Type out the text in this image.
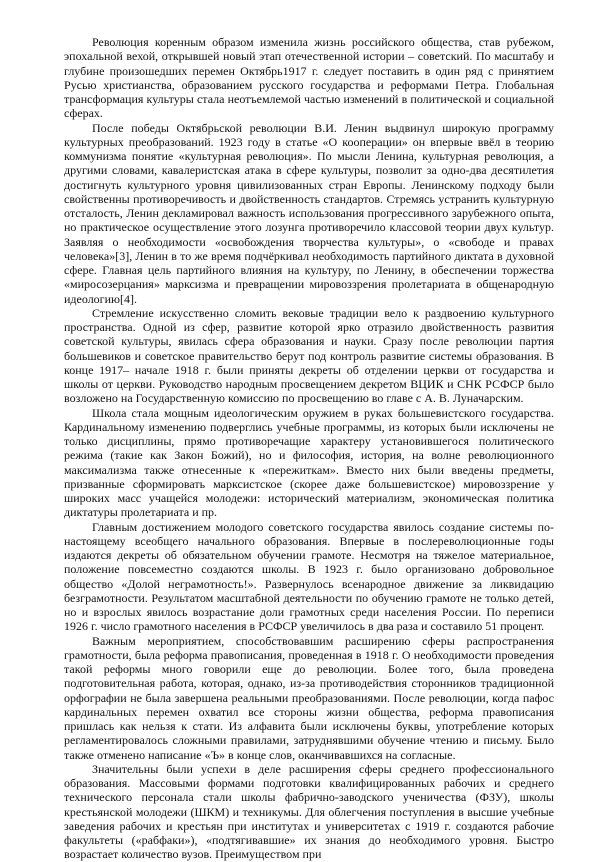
Революция коренным образом изменила жизнь российского общества, став рубежом, эпохальной вехой, открывшей новый этап отечественной истории – советский. По масштабу и глубине произошедших перемен Октябрь1917 г. следует поставить в один ряд с принятием Русью христианства, образованием русского государства и реформами Петра. Глобальная трансформация культуры стала неотъемлемой частью изменений в политической и социальной сферах.

После победы Октябрьской революции В.И. Ленин выдвинул широкую программу культурных преобразований. 1923 году в статье «О кооперации» он впервые ввёл в теорию коммунизма понятие «культурная революция». По мысли Ленина, культурная революция, а другими словами, кавалеристская атака в сфере культуры, позволит за одно-два десятилетия достигнуть культурного уровня цивилизованных стран Европы. Ленинскому подходу были свойственны противоречивость и двойственность стандартов. Стремясь устранить культурную отсталость, Ленин декламировал важность использования прогрессивного зарубежного опыта, но практическое осуществление этого лозунга противоречило классовой теории двух культур. Заявляя о необходимости «освобождения творчества культуры», о «свободе и правах человека»[3], Ленин в то же время подчёркивал необходимость партийного диктата в духовной сфере. Главная цель партийного влияния на культуру, по Ленину, в обеспечении торжества «миросозерцания» марксизма и превращении мировоззрения пролетариата в общенародную идеологию[4].

Стремление искусственно сломить вековые традиции вело к раздвоению культурного пространства. Одной из сфер, развитие которой ярко отразило двойственность развития советской культуры, явилась сфера образования и науки. Сразу после революции партия большевиков и советское правительство берут под контроль развитие системы образования. В конце 1917– начале 1918 г. были приняты декреты об отделении церкви от государства и школы от церкви. Руководство народным просвещением декретом ВЦИК и СНК РСФСР было возложено на Государственную комисcию по просвещению во главе с А. В. Луначарским.

Школа стала мощным идеологическим оружием в руках большевистского государства. Кардинальному изменению подверглись учебные программы, из которых были исключены не только дисциплины, прямо противоречащие характеру установившегося политического режима (такие как Закон Божий), но и философия, история, на волне революционного максимализма также отнесенные к «пережиткам». Вместо них были введены предметы, призванные сформировать марксистское (скорее даже большевистское) мировоззрение у широких масс учащейся молодежи: исторический материализм, экономическая политика диктатуры пролетариата и пр.

Главным достижением молодого советского государства явилось создание системы по-настоящему всеобщего начального образования. Впервые в послереволюционные годы издаются декреты об обязательном обучении грамоте. Несмотря на тяжелое материальное, положение повсеместно создаются школы. В 1923 г. было организовано добровольное общество «Долой неграмотность!». Развернулось всенародное движение за ликвидацию безграмотности. Результатом масштабной деятельности по обучению грамоте не только детей, но и взрослых явилось возрастание доли грамотных среди населения России. По переписи 1926 г. число грамотного населения в РСФСР увеличилось в два раза и составило 51 процент.

Важным мероприятием, способствовавшим расширению сферы распространения грамотности, была реформа правописания, проведенная в 1918 г. О необходимости проведения такой реформы много говорили еще до революции. Более того, была проведена подготовительная работа, которая, однако, из-за противодействия сторонников традиционной орфографии не была завершена реальными преобразованиями. После революции, когда пафос кардинальных перемен охватил все стороны жизни общества, реформа правописания пришлась как нельзя к стати. Из алфавита были исключены буквы, употребление которых регламентировалось сложными правилами, затруднявшими обучение чтению и письму. Было также отменено написание «Ъ» в конце слов, оканчивавшихся на согласные.

Значительны были успехи в деле расширения сферы среднего профессионального образования. Массовыми формами подготовки квалифицированных рабочих и среднего технического персонала стали школы фабрично-заводского ученичества (ФЗУ), школы крестьянской молодежи (ШКМ) и техникумы. Для облегчения поступления в высшие учебные заведения рабочих и крестьян при институтах и университетах с 1919 г. создаются рабочие факультеты («рабфаки»), «подтягивавшие» их знания до необходимого уровня. Быстро возрастает количество вузов. Преимуществом при
